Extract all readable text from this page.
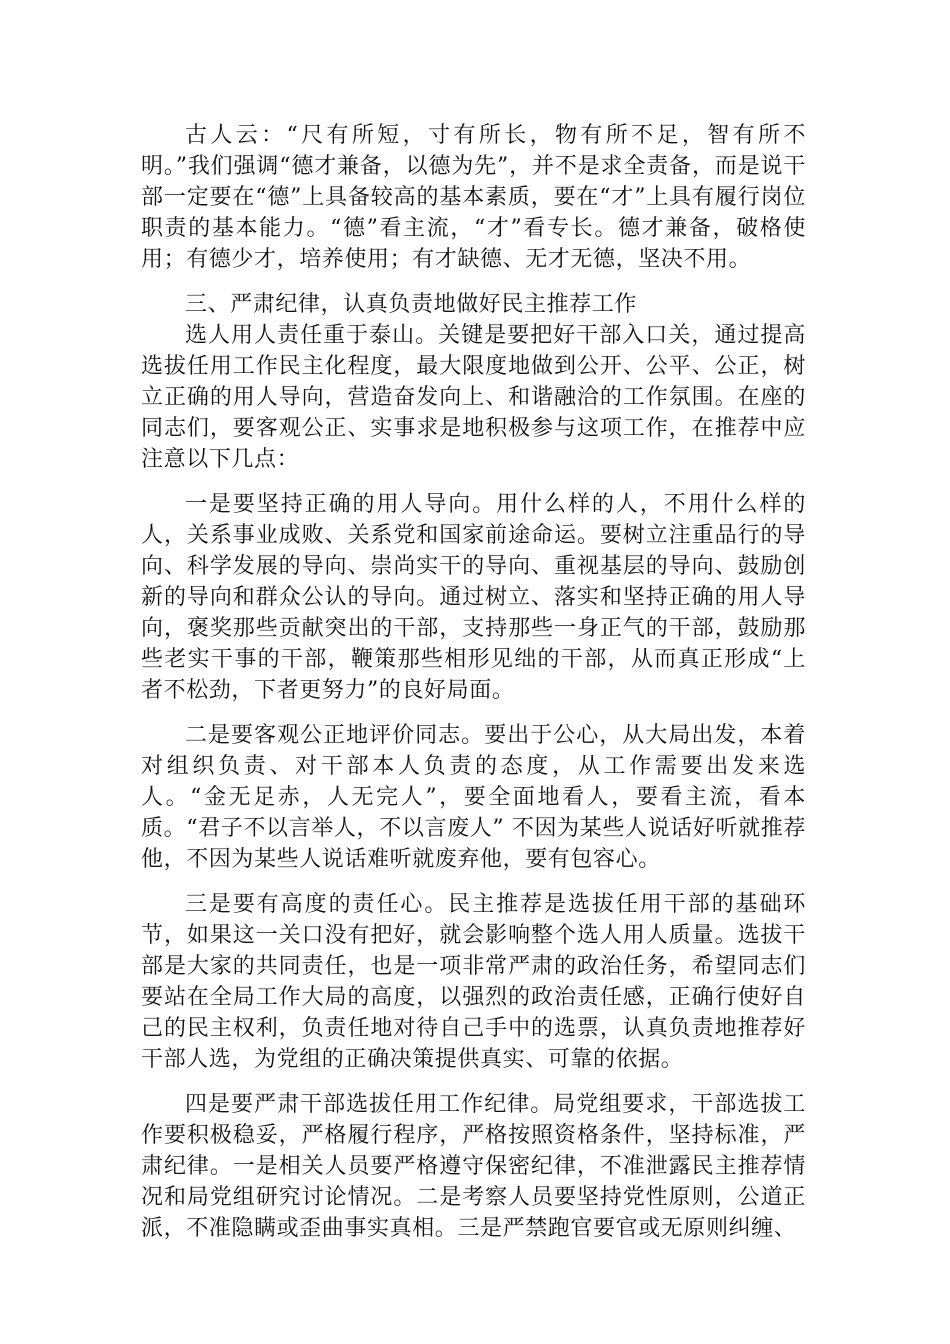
古人云：“尺有所短，寸有所长，物有所不足，智有所不明。”我们强调“德才兼备，以德为先”，并不是求全责备，而是说干部一定要在“德”上具备较高的基本素质，要在“才”上具有履行岗位职责的基本能力。“德”看主流，“才”看专长。德才兼备，破格使用；有德少才，培养使用；有才缺德、无才无德，坚决不用。

三、严肃纪律，认真负责地做好民主推荐工作

选人用人责任重于泰山。关键是要把好干部入口关，通过提高选拔任用工作民主化程度，最大限度地做到公开、公平、公正，树立正确的用人导向，营造奋发向上、和谐融洽的工作氛围。在座的同志们，要客观公正、实事求是地积极参与这项工作，在推荐中应注意以下几点：

一是要坚持正确的用人导向。用什么样的人，不用什么样的人，关系事业成败、关系党和国家前途命运。要树立注重品行的导向、科学发展的导向、崇尚实干的导向、重视基层的导向、鼓励创新的导向和群众公认的导向。通过树立、落实和坚持正确的用人导向，褒奖那些贡献突出的干部，支持那些一身正气的干部，鼓励那些老实干事的干部，鞭策那些相形见绌的干部，从而真正形成“上者不松劲，下者更努力”的良好局面。

二是要客观公正地评价同志。要出于公心，从大局出发，本着对组织负责、对干部本人负责的态度，从工作需要出发来选人。“金无足赤，人无完人”，要全面地看人，要看主流，看本质。“君子不以言举人，不以言废人” 不因为某些人说话好听就推荐他，不因为某些人说话难听就废弃他，要有包容心。

三是要有高度的责任心。民主推荐是选拔任用干部的基础环节，如果这一关口没有把好，就会影响整个选人用人质量。选拔干部是大家的共同责任，也是一项非常严肃的政治任务，希望同志们要站在全局工作大局的高度，以强烈的政治责任感，正确行使好自己的民主权利，负责任地对待自己手中的选票，认真负责地推荐好干部人选，为党组的正确决策提供真实、可靠的依据。

四是要严肃干部选拔任用工作纪律。局党组要求，干部选拔工作要积极稳妥，严格履行程序，严格按照资格条件，坚持标准，严肃纪律。一是相关人员要严格遵守保密纪律，不准泄露民主推荐情况和局党组研究讨论情况。二是考察人员要坚持党性原则，公道正派，不准隐瞒或歪曲事实真相。三是严禁跑官要官或无原则纠缠、
